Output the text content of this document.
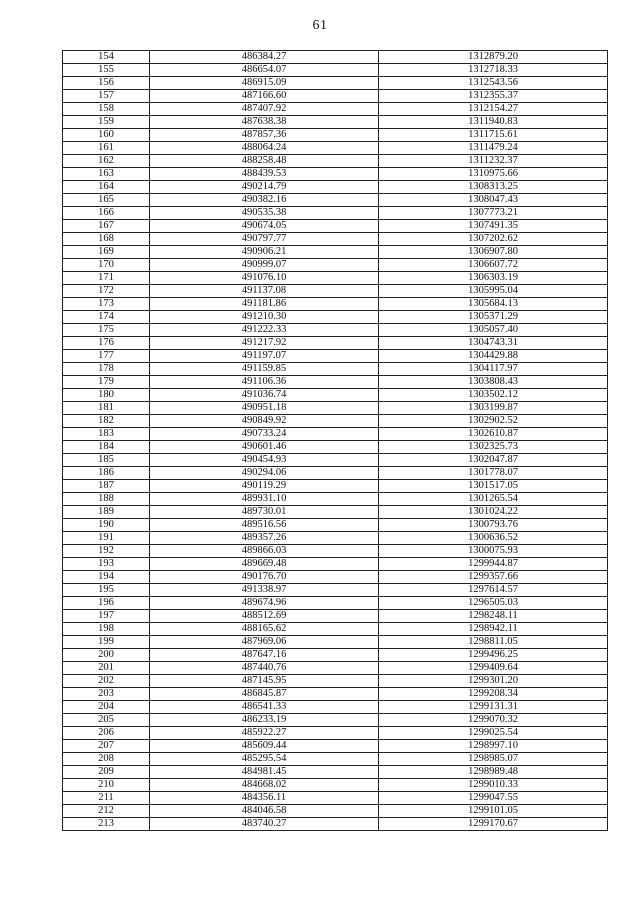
61
154	486384.27	1312879.20
155	486654.07	1312718.33
156	486915.09	1312543.56
157	487166.60	1312355.37
158	487407.92	1312154.27
159	487638.38	1311940.83
160	487857.36	1311715.61
161	488064.24	1311479.24
162	488258.48	1311232.37
163	488439.53	1310975.66
164	490214.79	1308313.25
165	490382.16	1308047.43
166	490535.38	1307773.21
167	490674.05	1307491.35
168	490797.77	1307202.62
169	490906.21	1306907.80
170	490999.07	1306607.72
171	491076.10	1306303.19
172	491137.08	1305995.04
173	491181.86	1305684.13
174	491210.30	1305371.29
175	491222.33	1305057.40
176	491217.92	1304743.31
177	491197.07	1304429.88
178	491159.85	1304117.97
179	491106.36	1303808.43
180	491036.74	1303502.12
181	490951.18	1303199.87
182	490849.92	1302902.52
183	490733.24	1302610.87
184	490601.46	1302325.73
185	490454.93	1302047.87
186	490294.06	1301778.07
187	490119.29	1301517.05
188	489931.10	1301265.54
189	489730.01	1301024.22
190	489516.56	1300793.76
191	489357.26	1300636.52
192	489866.03	1300075.93
193	489669.48	1299944.87
194	490176.70	1299357.66
195	491338.97	1297614.57
196	489674.96	1296505.03
197	488512.69	1298248.11
198	488165.62	1298942.11
199	487969.06	1298811.05
200	487647.16	1299496.25
201	487440.76	1299409.64
202	487145.95	1299301.20
203	486845.87	1299208.34
204	486541.33	1299131.31
205	486233.19	1299070.32
206	485922.27	1299025.54
207	485609.44	1298997.10
208	485295.54	1298985.07
209	484981.45	1298989.48
210	484668.02	1299010.33
211	484356.11	1299047.55
212	484046.58	1299101.05
213	483740.27	1299170.67
